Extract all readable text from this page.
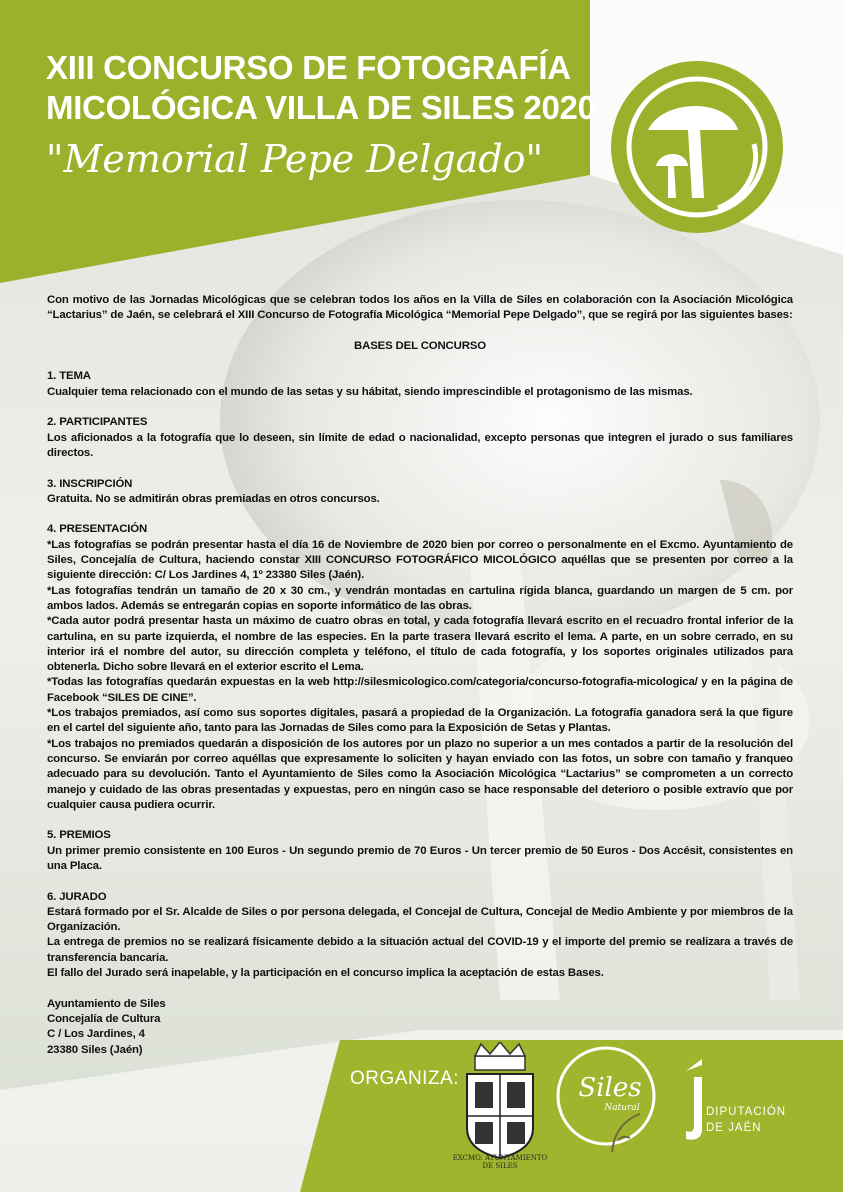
XIII CONCURSO DE FOTOGRAFÍA
MICOLÓGICA VILLA DE SILES 2020
"Memorial Pepe Delgado"

Con motivo de las Jornadas Micológicas que se celebran todos los años en la Villa de Siles en colaboración con la Asociación Micológica “Lactarius” de Jaén, se celebrará el XIII Concurso de Fotografía Micológica “Memorial Pepe Delgado”, que se regirá por las siguientes bases:

BASES DEL CONCURSO

1. TEMA

Cualquier tema relacionado con el mundo de las setas y su hábitat, siendo imprescindible el protagonismo de las mismas.

2. PARTICIPANTES

Los aficionados a la fotografía que lo deseen, sin límite de edad o nacionalidad, excepto personas que integren el jurado o sus familiares directos.

3. INSCRIPCIÓN

Gratuita. No se admitirán obras premiadas en otros concursos.

4. PRESENTACIÓN

*Las fotografías se podrán presentar hasta el día 16 de Noviembre de 2020 bien por correo o personalmente en el Excmo. Ayuntamiento de Siles, Concejalía de Cultura, haciendo constar XIII CONCURSO FOTOGRÁFICO MICOLÓGICO aquéllas que se presenten por correo a la siguiente dirección: C/ Los Jardines 4, 1º 23380 Siles (Jaén).

*Las fotografías tendrán un tamaño de 20 x 30 cm., y vendrán montadas en cartulina rígida blanca, guardando un margen de 5 cm. por ambos lados. Además se entregarán copias en soporte informático de las obras.

*Cada autor podrá presentar hasta un máximo de cuatro obras en total, y cada fotografía llevará escrito en el recuadro frontal inferior de la cartulina, en su parte izquierda, el nombre de las especies. En la parte trasera llevará escrito el lema. A parte, en un sobre cerrado, en su interior irá el nombre del autor, su dirección completa y teléfono, el título de cada fotografía, y los soportes originales utilizados para obtenerla. Dicho sobre llevará en el exterior escrito el Lema.

*Todas las fotografías quedarán expuestas en la web http://silesmicologico.com/categoria/concurso-fotografia-micologica/ y en la página de Facebook “SILES DE CINE”.

*Los trabajos premiados, así como sus soportes digitales, pasará a propiedad de la Organización. La fotografía ganadora será la que figure en el cartel del siguiente año, tanto para las Jornadas de Siles como para la Exposición de Setas y Plantas.

*Los trabajos no premiados quedarán a disposición de los autores por un plazo no superior a un mes contados a partir de la resolución del concurso. Se enviarán por correo aquéllas que expresamente lo soliciten y hayan enviado con las fotos, un sobre con tamaño y franqueo adecuado para su devolución. Tanto el Ayuntamiento de Siles como la Asociación Micológica “Lactarius” se comprometen a un correcto manejo y cuidado de las obras presentadas y expuestas, pero en ningún caso se hace responsable del deterioro o posible extravío que por cualquier causa pudiera ocurrir.

5. PREMIOS

Un primer premio consistente en 100 Euros - Un segundo premio de 70 Euros - Un tercer premio de 50 Euros - Dos Accésit, consistentes en una Placa.

6. JURADO

Estará formado por el Sr. Alcalde de Siles o por persona delegada, el Concejal de Cultura, Concejal de Medio Ambiente y por miembros de la Organización.

La entrega de premios no se realizará físicamente debido a la situación actual del COVID-19 y el importe del premio se realizara a través de transferencia bancaria.

El fallo del Jurado será inapelable, y la participación en el concurso implica la aceptación de estas Bases.

Ayuntamiento de Siles

Concejalía de Cultura

C / Los Jardines, 4

23380 Siles (Jaén)

ORGANIZA:
EXCMO. AYUNTAMIENTO
DE SILES
Siles
Natural	DIPUTACIÓN
DE JAÉN
